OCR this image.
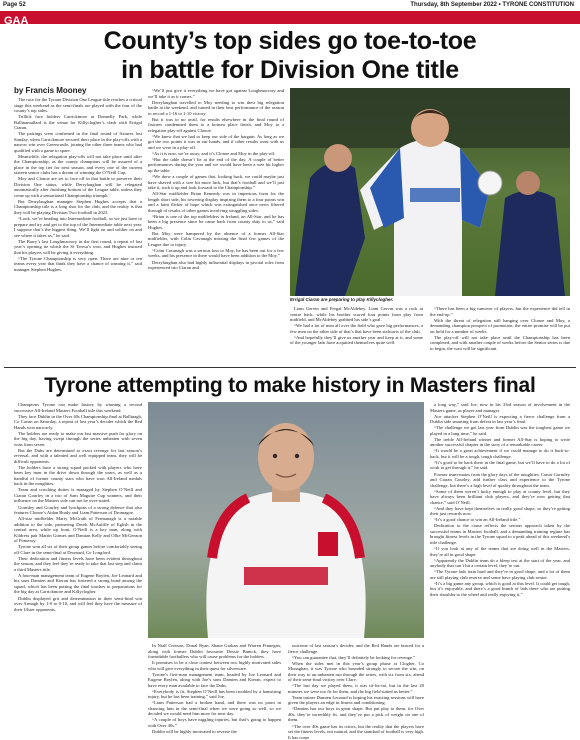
Page 52	Thursday, 8th September 2022 • TYRONE CONSTITUTION
GAA
County’s top sides go toe-to-toe
in battle for Division One title
by Francis Mooney

The race for the Tyrone Division One League title reaches a critical stage this weekend as the semi-finals are played with the four of the county’s top sides.

Trillick face holders Carrickmore at Donnelly Park, while Ballinamallard is the venue for Killyclogher’s clash with Errigal Ciaran.

The pairings were confirmed in the final round of fixtures last Sunday, when Carrickmore secured their place in the play-offs with a narrow win over Greencastle, joining the other three teams who had qualified with a game to spare.

Meanwhile, the relegation play-offs will not take place until after the Championship, as the county champions will be assured of a place in the top tier for next season, and every one of the current sixteen senior clubs has a dream of winning the O’Neill Cup.

Moy and Clonoe are set to face off in that battle to preserve their Division One status, while Derrylaughan will be relegated automatically after finishing bottom of the League table, unless they come up with a sensational Championship triumph.

But Derrylaughan manager Stephen Hughes accepts that a Championship title is a long shot for the club, and the reality is that they will be playing Division Two football in 2023.

“Look, we’re heading into Intermediate football, so we just have to prepare and try and get to the top of the Intermediate table next year. I suppose that’s the biggest thing. We’ll fight on and soldier on and see where it takes us,” he said.

The Barry’s last Loughmacrory in the first round, a repeat of last year’s opening tie which the St Teresa’s won, and Hughes insisted that his players will be giving it everything.

“The Tyrone Championship is very open. There are nine or ten teams every year that think they have a chance of winning it,” said manager Stephen Hughes.

“We’ll just give it everything we have got against Loughmacrory and we’ll take it as it comes.”

Derrylaughan travelled to Moy needing to win their big relegation battle at the weekend, and turned in their best performance of the season to record a 1-16 to 1-10 victory.

But it was to no avail, for results elsewhere in the final round of fixtures condemned them to a bottom place finish, and Moy to a relegation play-off against Clonoe.

“We knew that we had to keep our side of the bargain. As long as we got the two points it was in our hands, and if other results went with us and we were in a play-off.

“As it is now, we’re away, and it’s Clonoe and Moy in the play-off.

“But the table doesn’t lie at the end of the day. A couple of better performances during the year and we would have been a wee bit higher up the table.

“We drew a couple of games that, looking back, we could maybe just have shaved with a wee bit more luck, but that’s football and we’ll just take it, suck it up and look forward to the Championship.”

All-Star midfielder Brian Kennedy was in imperious form for the length short side, his towering display inspiring them to a four points win and a faint flicker of hope which was extinguished once news filtered through of results of other games involving struggling sides.

“Brian is one of the top midfielders in Ireland, an All-Star, and he has been a big presence since he came back from county duty to us,” said Hughes.

But Moy were hampered by the absence of a former All-Star midfielder, with Colm Cavanagh missing the final few games of the League due to injury.

“Colm Cavanagh was a serious loss to Moy, he has been out for a few weeks, and his presence in there would have been addition to the Moy.”

Derrylaughan also had highly influential displays in pivotal roles from experienced trio Ciaran and

Errigal Ciaran are preparing to play Killyclogher.

Liam Gervin and Fergal McAldebey. Liam Gervin was a rock at centre back, while his brother scored four points from play from midfield, and McAldebey grabbed his side’s goal.

“We had a lot of men all over the field who gave big performances, a few men on the other side of that’s that have been stalwarts of the club.

“And hopefully they’ll give us another year and keep at it, and some of the younger lads have acquitted themselves quite well.

“There has been a big turnover of players, but the experience did tell in the end-up.”

With the threat of relegation still hanging over Clonoe and Moy, a demanding champion prospect of promotion, the entire promise will be put on hold for a number of weeks.

The play-off will not take place until the Championship has been completed, and with another couple of weeks before the Senior series is due to begin, the wait will be significant.

Tyrone attempting to make history in Masters final

Champions Tyrone can make history by winning a second successive All-Ireland Masters Football title this weekend.

They face Dublin in the Over 40s Championship final at Ballinagh, Co Cavan on Saturday, a repeat of last year’s decider which the Red Hands won narrowly.

The holders are ready to make our last massive push for glory on the big day, having swept through the series unbeaten with seven wins from seven.

But the Dubs are determined to exact revenge for last season’s reversal, and with a talented and well equipped team, they will be difficult opponents.

The holders have a strong squad packed with players who have been key men in the drive down through the years, as well as a handful of former county stars who have won All-Ireland medals back in the noughties.

Team and coaching duties is managed by Stephen O’Neill and Ciaran Gourley in a trio of Sam Maguire Cup winners, and their influence on the Masters side can not be over-stated.

Gormley and Gourley and lynchpins of a strong defence that also features Clonoe’s Aidan Brady and Liam Patterson of Dromagoe.

All-star midfielder Marty McGrath of Fermanagh is a notable addition to the side, partnering Derek McAuliffe of Eglish in the central area, while up front, O’Neill is a key man, along with Kildress pair Martin Grimes and Damian Kelly and Ollie McGeeaon of Pomeroy.

Tyrone won all six of their group games before comfortably seeing off Clare in the semi-final at Dromard, Co Longford.

Their dedication and fitness levels have been evident throughout the season, and they feel they’re ready to take that last step and claim a third Masters title.

A four-man management team of Eugene Boylen, Joe Leonard and his sons Damien and Kieran has fostered a strong bond among the squad, which has been putting the final touches to preparations for the big day at Carrickmore and Killyclogher.

Dublin displayed grit and determination in their semi-final win over Armagh by 1-9 to 0-10, and will feel they have the measure of their Ulster opponents.

In Niall Creeson, Donal Ryan, Shane Grahan and Warren Finnegan, along with former Dublin favourite Dessie Bunick, they have formidable footballers who will cause problems for the holders.

It promises to be a close contest between two highly motivated sides who will give everything in their quest for silverware.

Tyrone’s first-man management team, headed by Joe Leonard and Eugene Boylen, along with Joe’s sons Damien and Kieran, expect to have every man available to face the Dubs.

“Everybody is fit, Stephen O’Neill has been troubled by a hamstring injury, but he has been training,” said Joe.

“Liam Patterson had a broken hand, and there was no point in chancing him in the semi-final when we were going so well, so we decided we would need him more for next day.

“A couple of boys have niggling injuries, but that’s going to happen with Over 40s.”

Dublin will be highly motivated to reverse the

outcome of last season’s decider, and the Red Hands are braced for a fierce challenge.

“You can guarantee that, they’ll definitely be looking for revenge.”

When the sides met in this year’s group phase at Clogher, Co Monaghan, it was Tyrone who bounded strongly to secure the win, on their way to an unbeaten run through the series, with six from six, ahead of their semi-final victory over Clare.

“The last day we played them, it was tit-for-tat, but in the last 20 minutes we were too fit for them, and the big field suited us better.”

Team trainer Damien Leonard is hoping his exacting sessions will have given the players an edge in fitness and conditioning.

“Damien has our boys in great shape. But put play to them, for Over 40s, they’re incredibly fit, and they’ve put a pick of weight on one of them.

“The over 40s game has its critics, but the reality that the players have set the fitness levels, not natural, and the standard of football is very high. It has come

a long way,” said Joe, now in his 33rd season of involvement in the Masters game, as player and manager.

Ace attacker Stephen O’Neill is expecting a fierce challenge from a Dublin side smarting from defeat in last year’s final.

“The challenge we got last year from Dublin was the toughest game we played in a long time,” he said.

The treble All-Ireland winner and former All-Star is hoping to write another successful chapter in the story of a remarkable career.

“It would be a great achievement if we could manage to do it back-to-back, but it will be a tough, tough challenge.

“It’s good to be back there in the final game, but we’ll have to do a lot of work to get through it,” he said.

Former team-mates from the glory days of the noughties, Conor Gormley and Ciaran Gourley, add further class and experience to the Tyrone challenge, but there’s a high level of quality throughout the team.

“Some of them weren’t lucky enough to play at county level, but they have always been brilliant club players, and they’re now getting that chance,” said O’Neill.

“And they have kept themselves in really good shape, so they’re getting their just rewards now.

“It’s a good chance to win an All-Ireland title.”

Dedication to the cause reflects the serious approach taken by the successful teams in Masters football, and a demanding training regime has brought fitness levels in the Tyrone squad to a peak ahead of this weekend’s title challenge.

“If you look at any of the teams that are doing well in the Masters, they’re all in good shape.

“Apparently the Dublin team do a bleep test at the start of the year, and anybody that can’t hit a certain level, they’re out.

“The Tyrone lads train hard and they’re in good shape, and a lot of them are still playing club reserve and some have playing club senior.

“It’s a big game any group, which is good at this level. It could get tough, but it’s enjoyable, and there’s a good bunch of lads there who are putting their shoulder to the wheel and really enjoying it.”
